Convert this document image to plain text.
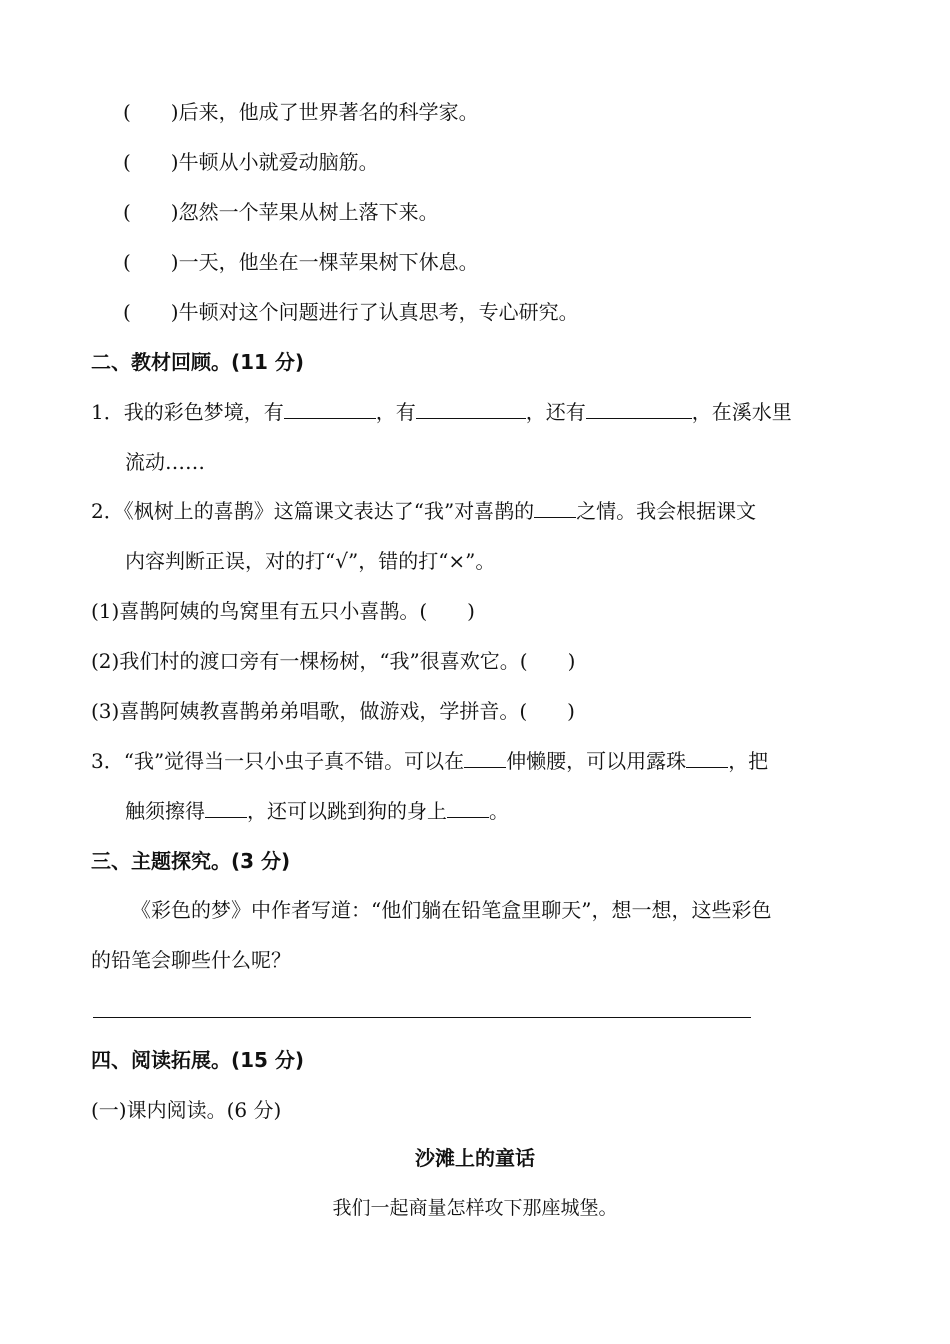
(　　)后来，他成了世界著名的科学家。
(　　)牛顿从小就爱动脑筋。
(　　)忽然一个苹果从树上落下来。
(　　)一天，他坐在一棵苹果树下休息。
(　　)牛顿对这个问题进行了认真思考，专心研究。
二、教材回顾。(11 分)
1．我的彩色梦境，有	，有	，还有	，在溪水里
流动……
2．《枫树上的喜鹊》这篇课文表达了“我”对喜鹊的 之情。我会根据课文
内容判断正误，对的打“√”，错的打“×”。
(1)喜鹊阿姨的鸟窝里有五只小喜鹊。(　　)
(2)我们村的渡口旁有一棵杨树，“我”很喜欢它。(　　)
(3)喜鹊阿姨教喜鹊弟弟唱歌，做游戏，学拼音。(　　)
3．“我”觉得当一只小虫子真不错。可以在 伸懒腰，可以用露珠 ，把
触须擦得 ，还可以跳到狗的身上 。
三、主题探究。(3 分)
《彩色的梦》中作者写道：“他们躺在铅笔盒里聊天”，想一想，这些彩色
的铅笔会聊些什么呢？
四、阅读拓展。(15 分)
(一)课内阅读。(6 分)
沙滩上的童话
我们一起商量怎样攻下那座城堡。
